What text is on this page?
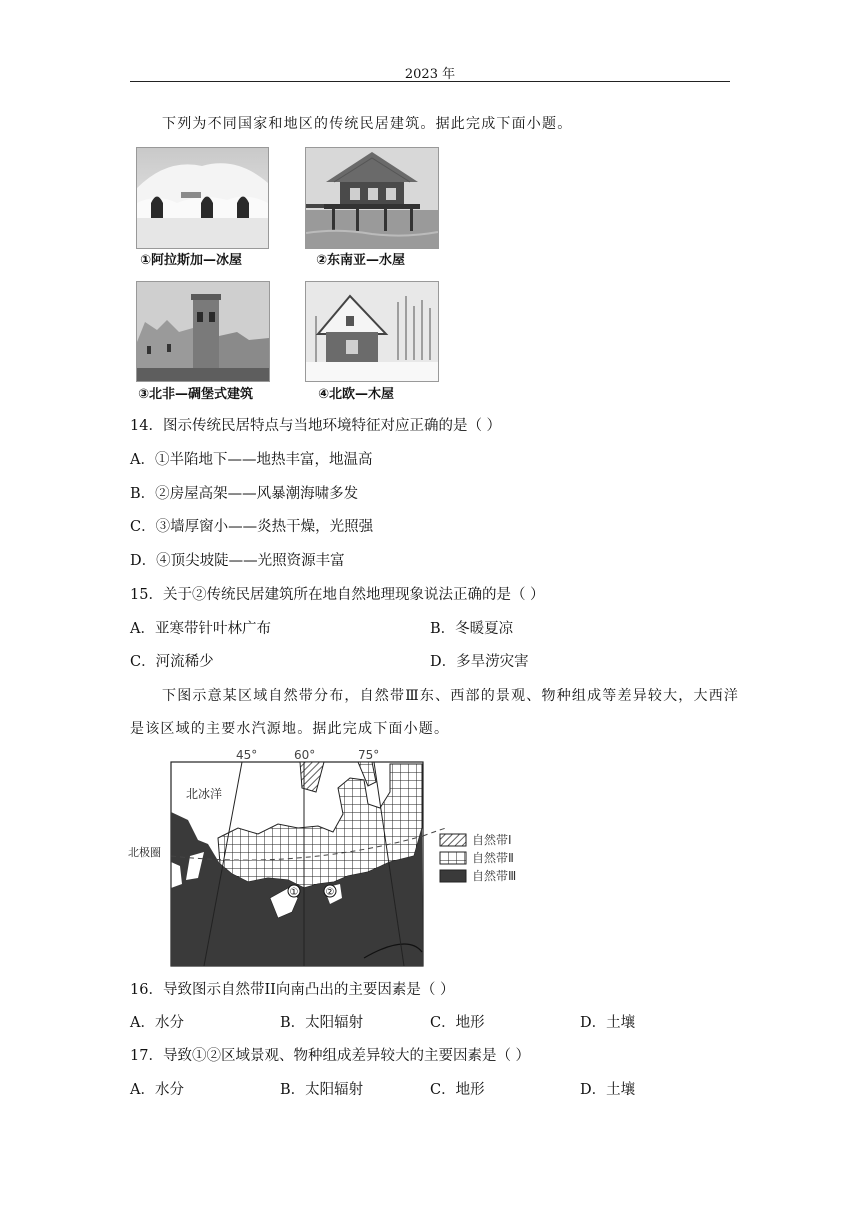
2023 年
下列为不同国家和地区的传统民居建筑。据此完成下面小题。
①阿拉斯加—冰屋	②东南亚—水屋
③北非—碉堡式建筑	④北欧—木屋
14．图示传统民居特点与当地环境特征对应正确的是（ ）
A．①半陷地下——地热丰富，地温高
B．②房屋高架——风暴潮海啸多发
C．③墙厚窗小——炎热干燥，光照强
D．④顶尖坡陡——光照资源丰富
15．关于②传统民居建筑所在地自然地理现象说法正确的是（ ）
A．亚寒带针叶林广布	B．冬暖夏凉
C．河流稀少	D．多旱涝灾害
下图示意某区域自然带分布，自然带Ⅲ东、西部的景观、物种组成等差异较大，大西洋
是该区域的主要水汽源地。据此完成下面小题。
①	②
45°	60°	75°
北冰洋
北极圈
自然带Ⅰ
自然带Ⅱ
自然带Ⅲ
16．导致图示自然带II向南凸出的主要因素是（ ）
A．水分	B．太阳辐射	C．地形	D．土壤
17．导致①②区域景观、物种组成差异较大的主要因素是（ ）
A．水分	B．太阳辐射	C．地形	D．土壤
